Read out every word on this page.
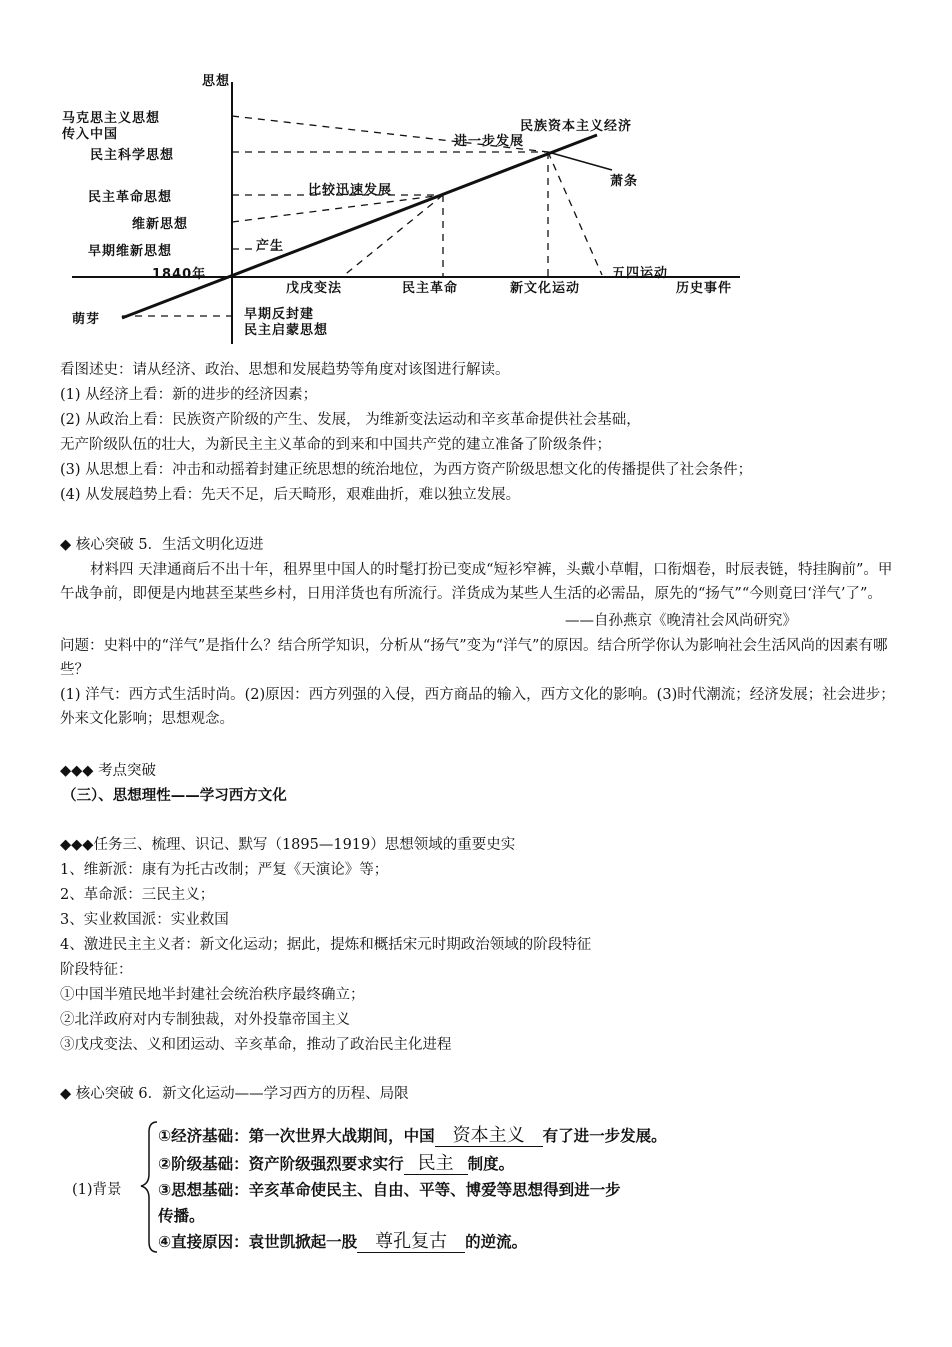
思想
马克思主义思想
传入中国
民主科学思想
民主革命思想
维新思想
早期维新思想
1840年
萌芽	早期反封建
民主启蒙思想
产生
比较迅速发展
民族资本主义经济
进一步发展
萧条
戊戌变法	民主革命	新文化运动
五四运动
历史事件
看图述史：请从经济、政治、思想和发展趋势等角度对该图进行解读。
(1) 从经济上看：新的进步的经济因素；
(2) 从政治上看：民族资产阶级的产生、发展， 为维新变法运动和辛亥革命提供社会基础，
无产阶级队伍的壮大，为新民主主义革命的到来和中国共产党的建立准备了阶级条件；
(3) 从思想上看：冲击和动摇着封建正统思想的统治地位，为西方资产阶级思想文化的传播提供了社会条件；
(4) 从发展趋势上看：先天不足，后天畸形，艰难曲折，难以独立发展。
◆ 核心突破 5．生活文明化迈进
材料四 天津通商后不出十年，租界里中国人的时髦打扮已变成“短衫窄裤，头戴小草帽，口衔烟卷，时辰表链，特挂胸前”。甲午战争前，即便是内地甚至某些乡村，日用洋货也有所流行。洋货成为某些人生活的必需品，原先的“扬气”“今则竟曰‘洋气’了”。
——自孙燕京《晚清社会风尚研究》
问题：史料中的“洋气”是指什么？结合所学知识，分析从“扬气”变为“洋气”的原因。结合所学你认为影响社会生活风尚的因素有哪些？
(1) 洋气：西方式生活时尚。(2)原因：西方列强的入侵，西方商品的输入，西方文化的影响。(3)时代潮流；经济发展；社会进步；外来文化影响；思想观念。
◆◆◆ 考点突破
（三）、思想理性——学习西方文化
◆◆◆任务三、梳理、识记、默写（1895—1919）思想领域的重要史实
1、维新派：康有为托古改制；严复《天演论》等；
2、革命派：三民主义；
3、实业救国派：实业救国
4、激进民主主义者：新文化运动；据此，提炼和概括宋元时期政治领域的阶段特征
阶段特征：
①中国半殖民地半封建社会统治秩序最终确立；
②北洋政府对内专制独裁，对外投靠帝国主义
③戊戌变法、义和团运动、辛亥革命，推动了政治民主化进程
◆ 核心突破 6．新文化运动——学习西方的历程、局限
(1)背景
①经济基础：第一次世界大战期间，中国 资本主义 有了进一步发展。
②阶级基础：资产阶级强烈要求实行 民主 制度。
③思想基础：辛亥革命使民主、自由、平等、博爱等思想得到进一步
传播。
④直接原因：袁世凯掀起一股 尊孔复古 的逆流。
